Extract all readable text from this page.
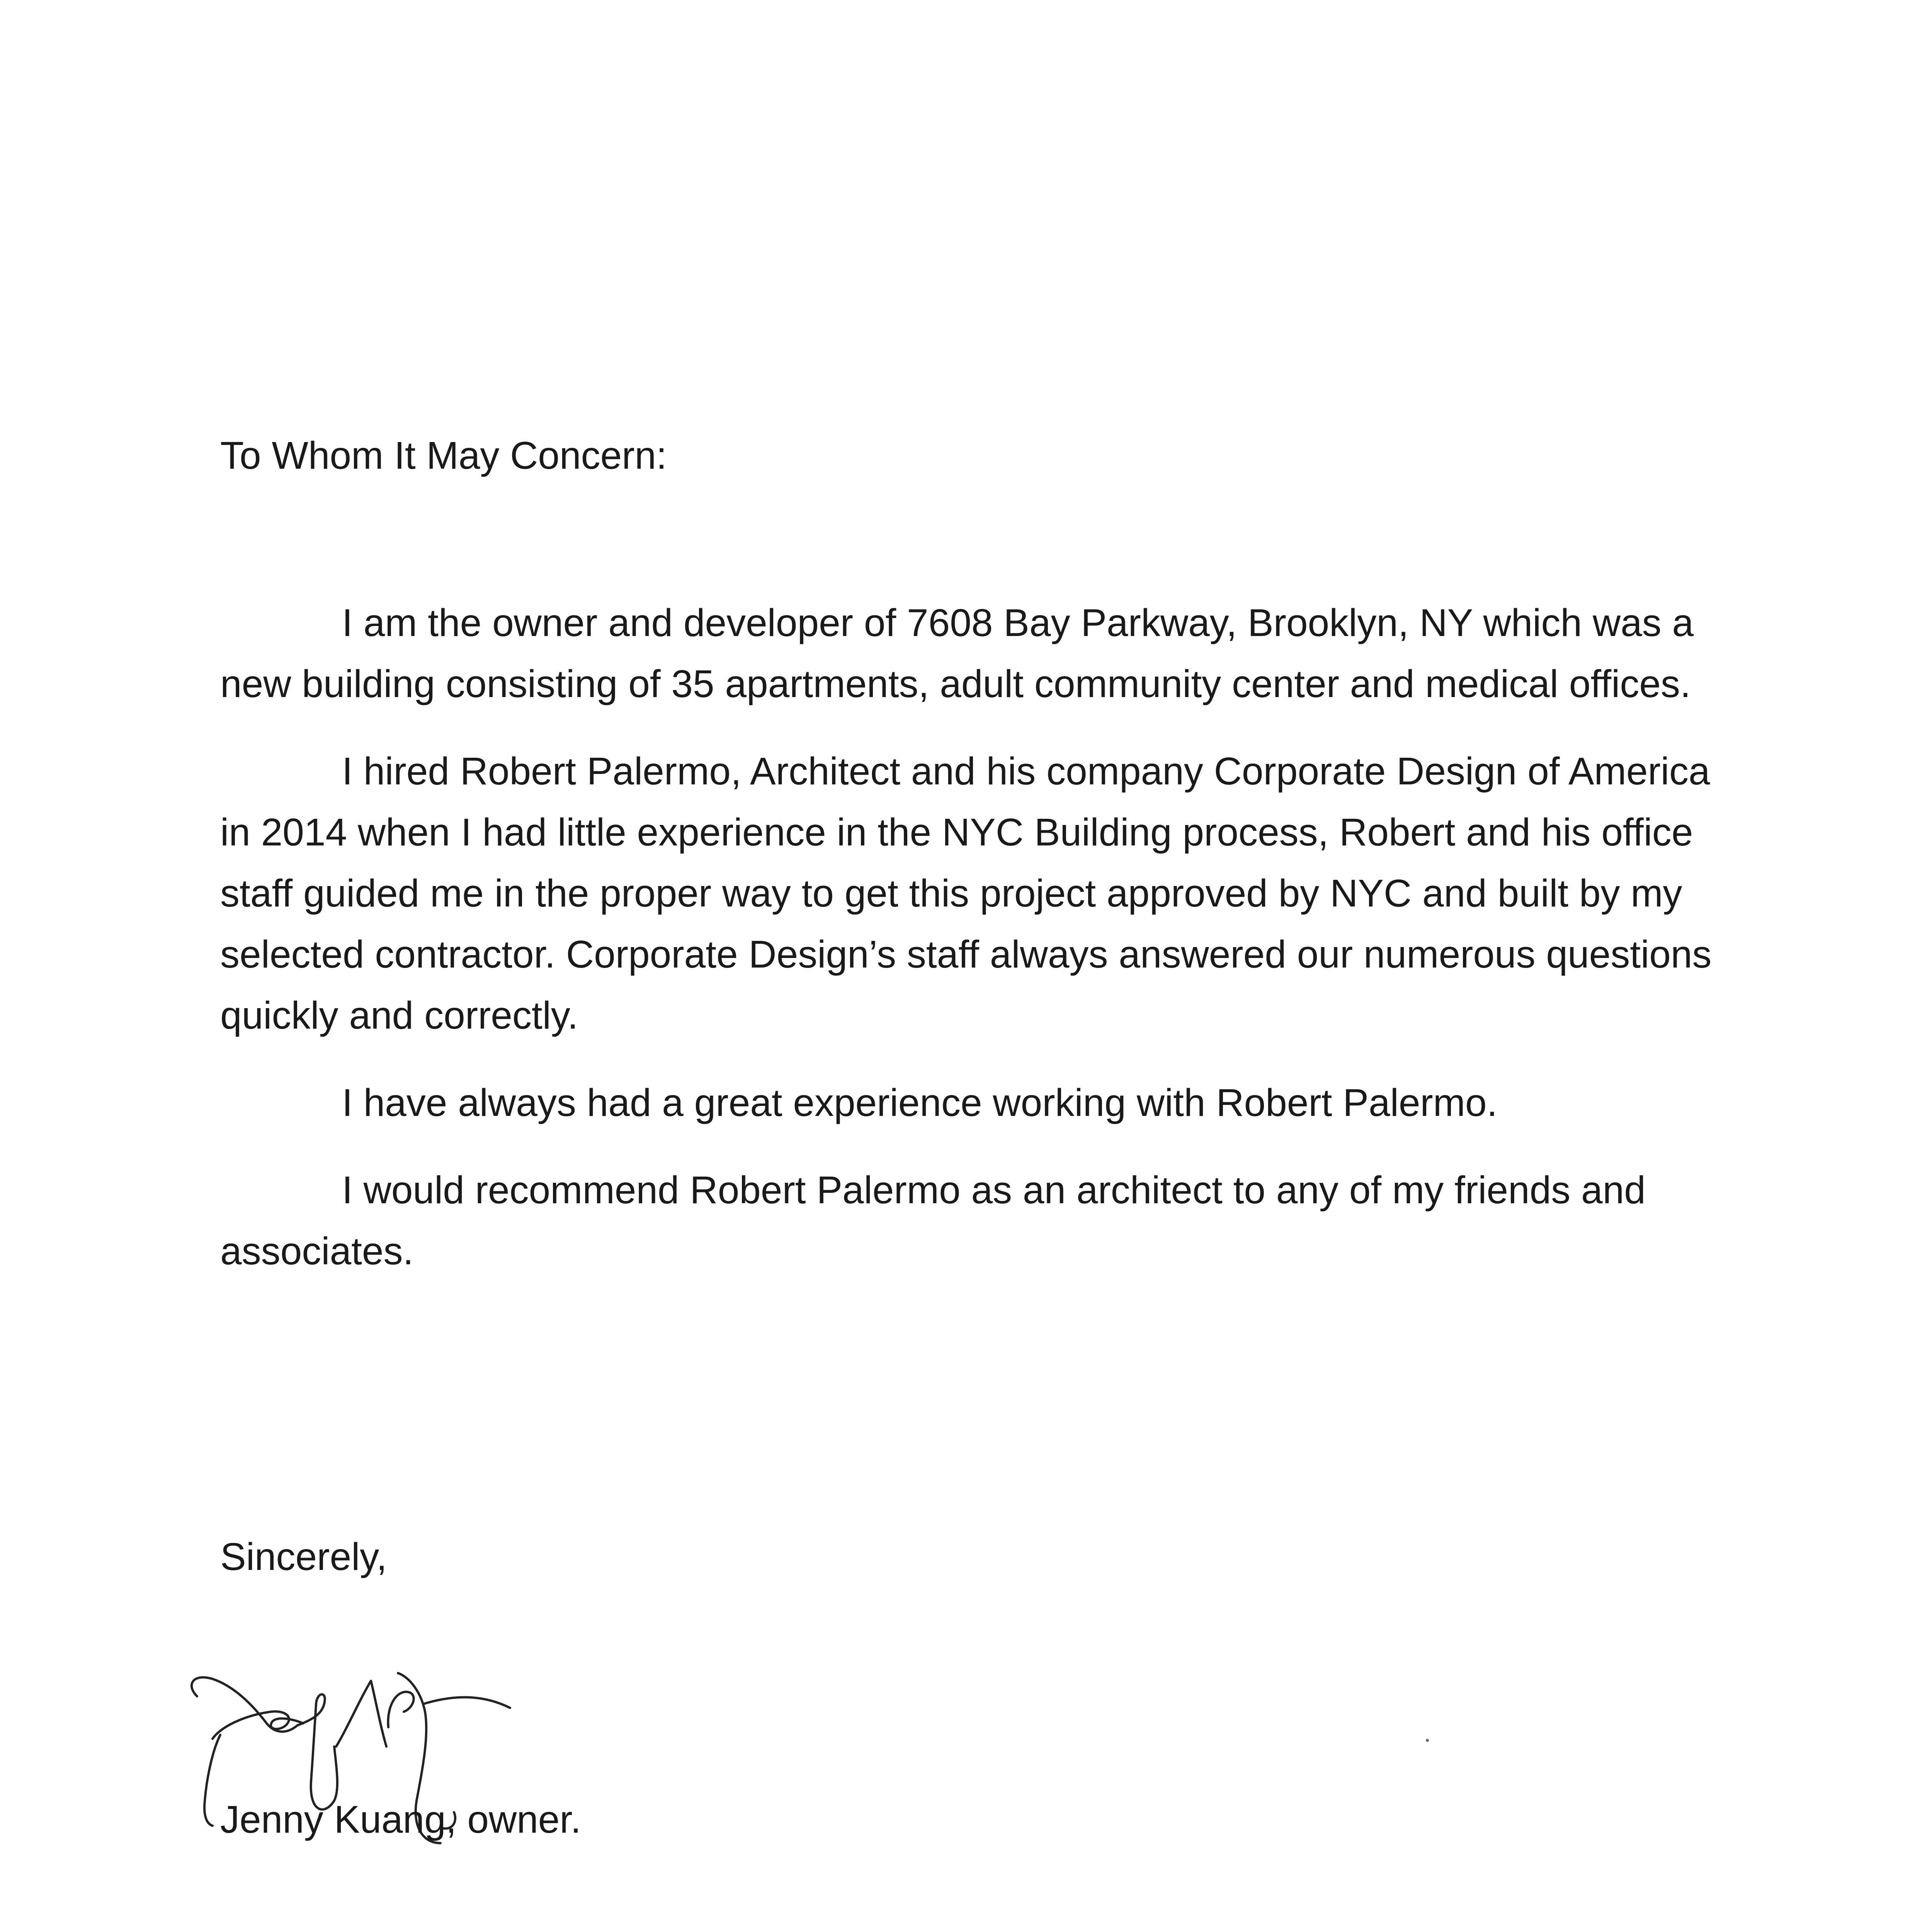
To Whom It May Concern:

I am the owner and developer of 7608 Bay Parkway, Brooklyn, NY which was a new building consisting of 35 apartments, adult community center and medical offices.

I hired Robert Palermo, Architect and his company Corporate Design of America in 2014 when I had little experience in the NYC Building process, Robert and his office staff guided me in the proper way to get this project approved by NYC and built by my selected contractor. Corporate Design’s staff always answered our numerous questions quickly and correctly.

I have always had a great experience working with Robert Palermo.

I would recommend Robert Palermo as an architect to any of my friends and associates.

Sincerely,

Jenny Kuang, owner.
